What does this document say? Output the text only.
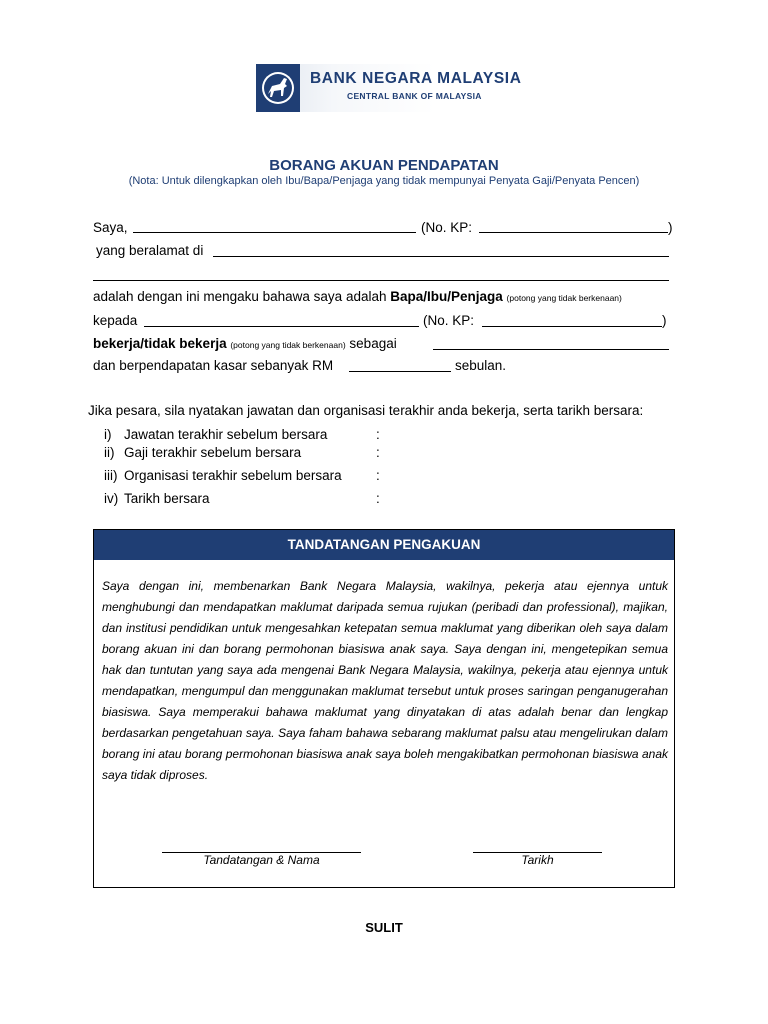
BANK NEGARA MALAYSIA
CENTRAL BANK OF MALAYSIA
BORANG AKUAN PENDAPATAN
(Nota: Untuk dilengkapkan oleh Ibu/Bapa/Penjaga yang tidak mempunyai Penyata Gaji/Penyata Pencen)
Saya,	(No. KP:	)
yang beralamat di
adalah dengan ini mengaku bahawa saya adalah Bapa/Ibu/Penjaga (potong yang tidak berkenaan)
kepada	(No. KP:	)
bekerja/tidak bekerja (potong yang tidak berkenaan) sebagai
dan berpendapatan kasar sebanyak RM	sebulan.
Jika pesara, sila nyatakan jawatan dan organisasi terakhir anda bekerja, serta tarikh bersara:
i) Jawatan terakhir sebelum bersara	:
ii) Gaji terakhir sebelum bersara	:
iii) Organisasi terakhir sebelum bersara	:
iv) Tarikh bersara	:
TANDATANGAN PENGAKUAN
Saya dengan ini, membenarkan Bank Negara Malaysia, wakilnya, pekerja atau ejennya untuk menghubungi dan mendapatkan maklumat daripada semua rujukan (peribadi dan professional), majikan, dan institusi pendidikan untuk mengesahkan ketepatan semua maklumat yang diberikan oleh saya dalam borang akuan ini dan borang permohonan biasiswa anak saya. Saya dengan ini, mengetepikan semua hak dan tuntutan yang saya ada mengenai Bank Negara Malaysia, wakilnya, pekerja atau ejennya untuk mendapatkan, mengumpul dan menggunakan maklumat tersebut untuk proses saringan penganugerahan biasiswa. Saya memperakui bahawa maklumat yang dinyatakan di atas adalah benar dan lengkap berdasarkan pengetahuan saya. Saya faham bahawa sebarang maklumat palsu atau mengelirukan dalam borang ini atau borang permohonan biasiswa anak saya boleh mengakibatkan permohonan biasiswa anak saya tidak diproses.
Tandatangan & Nama	Tarikh
SULIT
